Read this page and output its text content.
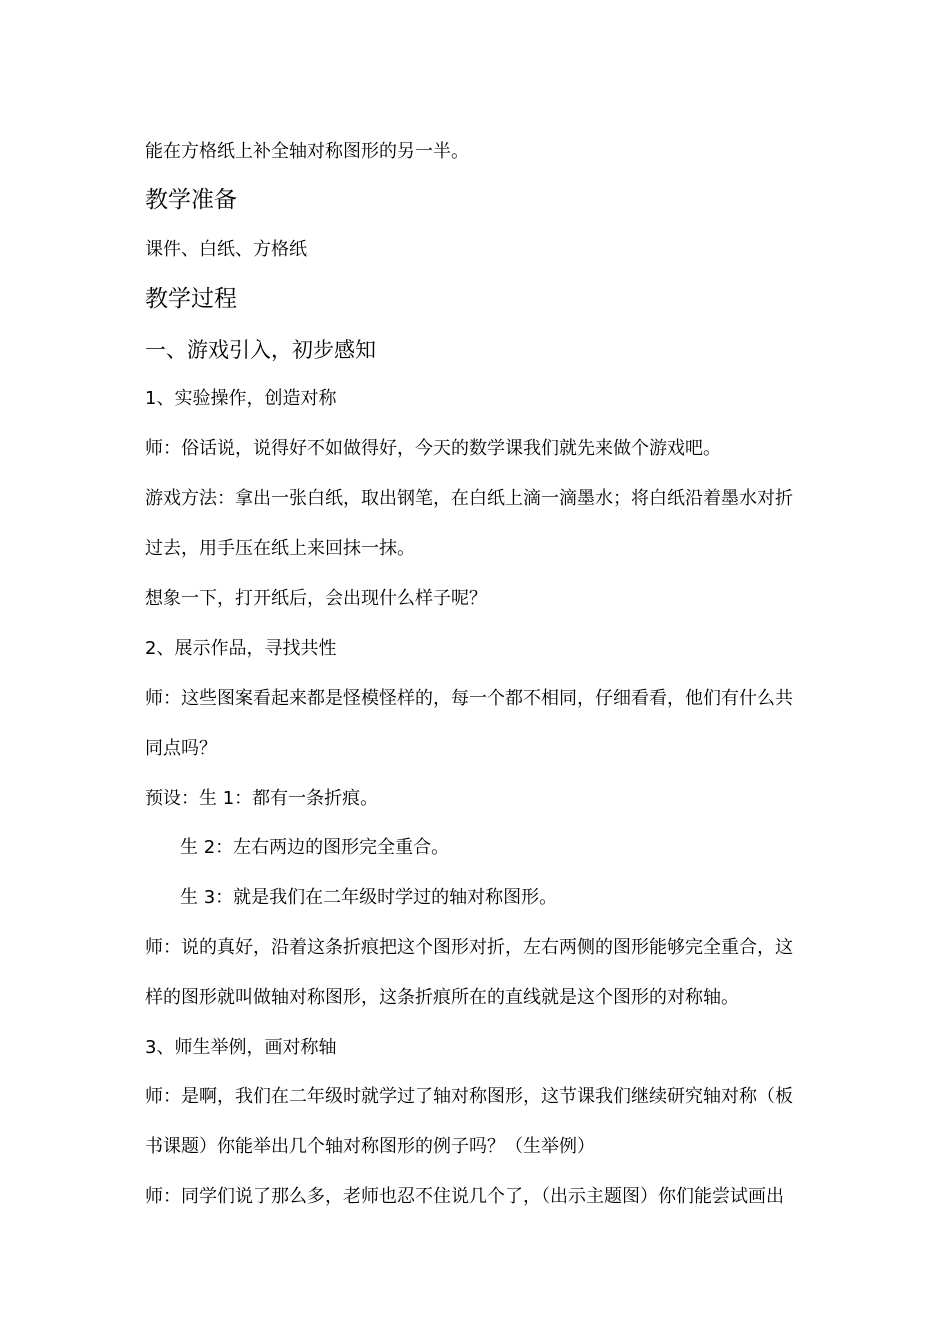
能在方格纸上补全轴对称图形的另一半。
教学准备
课件、白纸、方格纸
教学过程
一、游戏引入，初步感知
1、实验操作，创造对称
师：俗话说，说得好不如做得好，今天的数学课我们就先来做个游戏吧。
游戏方法：拿出一张白纸，取出钢笔，在白纸上滴一滴墨水；将白纸沿着墨水对折
过去，用手压在纸上来回抹一抹。
想象一下，打开纸后，会出现什么样子呢？
2、展示作品，寻找共性
师：这些图案看起来都是怪模怪样的，每一个都不相同，仔细看看，他们有什么共
同点吗？
预设：生 1：都有一条折痕。
生 2：左右两边的图形完全重合。
生 3：就是我们在二年级时学过的轴对称图形。
师：说的真好，沿着这条折痕把这个图形对折，左右两侧的图形能够完全重合，这
样的图形就叫做轴对称图形，这条折痕所在的直线就是这个图形的对称轴。
3、师生举例，画对称轴
师：是啊，我们在二年级时就学过了轴对称图形，这节课我们继续研究轴对称（板
书课题）你能举出几个轴对称图形的例子吗？（生举例）
师：同学们说了那么多，老师也忍不住说几个了，（出示主题图）你们能尝试画出
